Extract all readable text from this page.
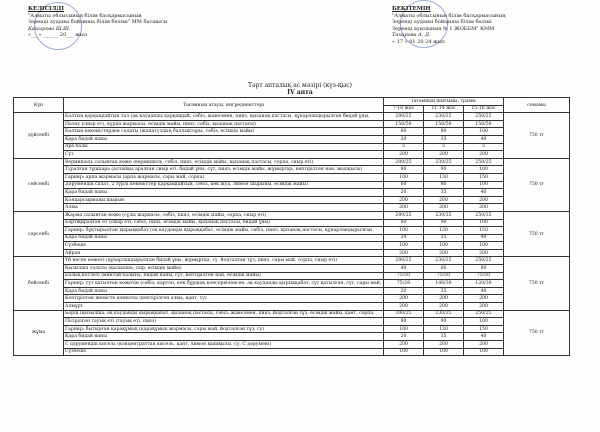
КЕЛІСІЛДІ
"Алматы облысының білім басқармасының
Зеренді ауданы бойынша білім бөлімі" ММ басшысы
Қайырова Ш.Ш.
«___» ______ 20___ жыл
БЕКІТЕМІН
"Алматы облысының білім басқармасының
Зеренді ауданы бойынша білім бөлімі
Зеренді ауылының № 1 ЖОББМ" КММ
Тахирова А. Д.
« 17 » 01 20 24 жыл
Тәрт апталық ас мәзірі (күз-қыс)
IV апта
Күн	Тағамның атауы, ингредиенттері	тағамның шығымы, грамм			сомамы
		7-10 жас	11-14 жас	15-18 жас	
дүйсенбі	Балтың қарқаңдайтын тал (ақ кауданды қарқаңдай, сәбіз, жакелмен, пияз, қызанақ пастасы, құнарландырылған бидай ұны,	200/25	230/25	250/25	750 тг
	Палау (сиыр ет), күріш жармасы, өсімдік майы, пияз, сәбіз, қызанақ пастасы)	150/50	150/50	150/50	
	Балтың көкөністерден салаты (жаңатуздың баллықтары, сәбіз, өсімдік майы)	60	80	100	
	Қара бидай наны	20	35	40	
	Ара балы	5	5	5	
	Сүт	200	200	200	
сейсенбі	Вермишель салынған көже (вермишель, сәбіз, пияз, өсімдік майы, қызанақ пастасы, сорпа, сиыр еті)	200/25	230/25	250/25	750 тг
	Туралған тұшпара (алтапқы аралған сиыр еті, бидай ұны, сүт, пияз, өсімдік майы, жұмыртқа, кептірілген нан, жылқысы)	80	90	100	
	Гарнир: арпа жармасы (арпа жармасы, сары май, сорпа)	100	130	150	
	Дәрумендік салат, 2 түрлі көкөністер қарқаңдайтын, сәбіз, көк жуа, лимон шырыны, өсімдік майы)	60	80	100	
	Қара бидай наны	20	35	40	
	Кондарсырмаңы шырын	200	200	200	
	Алма	200	200	200	
сәрсенбі	Жарма салынған көже (сұлы жармасы, сәбіз, пияз, өсімдік майы, сорпа, сиыр еті)	200/25	230/25	250/25	750 тг
	Бәртіқиралған ет (сиыр еті, сәбіз, пияз, өсімдік майы, қызанақ пастасы, бидай ұны)	80	90	100	
	Гарнир: бұқтырылған қырыққабат (ақ кауданды қырыққабат, өсімдік майы, сәбіз, пияз, қызанақ пастасы, құнарландырылған	100	130	150	
	Қара бидай наны	20	35	40	
	Сүзбеше	100	100	100	
	Айран	200	200	200	
бейсенбі	Үй кеспе көжесі (құнарландырылған бидай ұны, жұмыртқа, су, йодталған тұз, пияз, сары май, сорпа, сиыр еті)	200/25	230/25	250/25	750 тг
	Қызылша салаты (қызылша, сыр, өсімдік майы)	40	60	80	
	Балық котлеті (минтай балығы, бидай наны, сүт, кептірілген нан, өсімдік майы)	75/50	75/50	75/50	
	Гарнир: сүт қатылған көжетін (сәбіз, картоп, көк бұршақ консервіленген, ақ кауданды қырыққабат, сүт қатылған, сүт, сары май,	75/26	106/30	120/30	
	Қара бидай наны	20	35	40	
	Кептірілген жемісте компоты (кептірілген алма, қант, су)	200	200	200	
	Алмұрт	200	200	200	
жұма	Борщ (қызылша, ақ кауданды қырыққабат, қызанақ пастасы, сәбіз, жакелмен, пияз, йодталған тұз, өсімдік майы, қант, сорпа,	200/25	230/25	250/25	750 тг
	Пісірілген тауық еті (тауық еті, пияз)	80	90	100	
	Гарнир: бытырған қарақұмық (қарақұмық жармасы, сары май, йодталған тұз, су)	100	130	150	
	Қара бидай наны	20	35	40	
	С дәрумендік кисель (концентраттан кисель, қант, лимон қышқылы, су, С дәрумені)	200	200	200	
	Сүзбеше	100	100	100	
